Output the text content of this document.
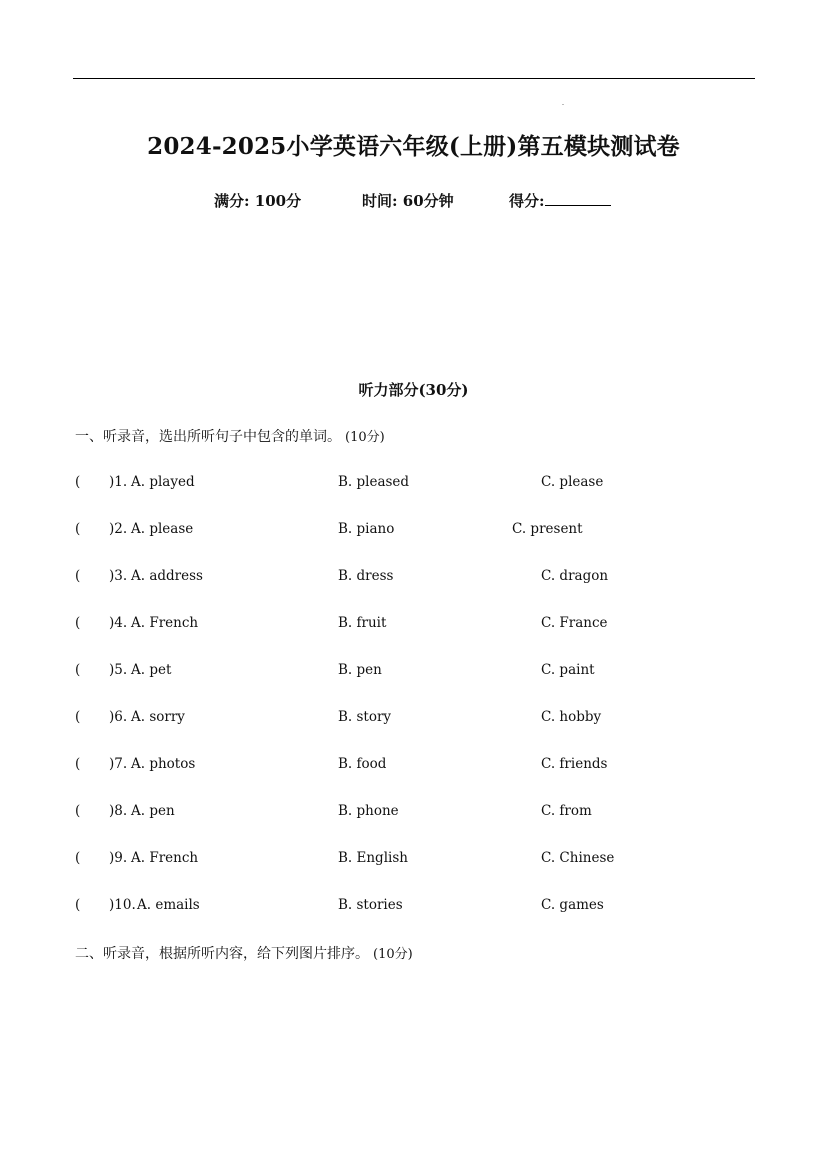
2024-2025小学英语六年级(上册)第五模块测试卷
满分: 100分	时间: 60分钟	得分:
听力部分(30分)
一、听录音，选出所听句子中包含的单词。 (10分)
( )1. A. played	B. pleased	C. please
( )2. A. please	B. piano	C. present
( )3. A. address	B. dress	C. dragon
( )4. A. French	B. fruit	C. France
( )5. A. pet	B. pen	C. paint
( )6. A. sorry	B. story	C. hobby
( )7. A. photos	B. food	C. friends
( )8. A. pen	B. phone	C. from
( )9. A. French	B. English	C. Chinese
( )10. A. emails	B. stories	C. games
二、听录音，根据所听内容，给下列图片排序。 (10分)
